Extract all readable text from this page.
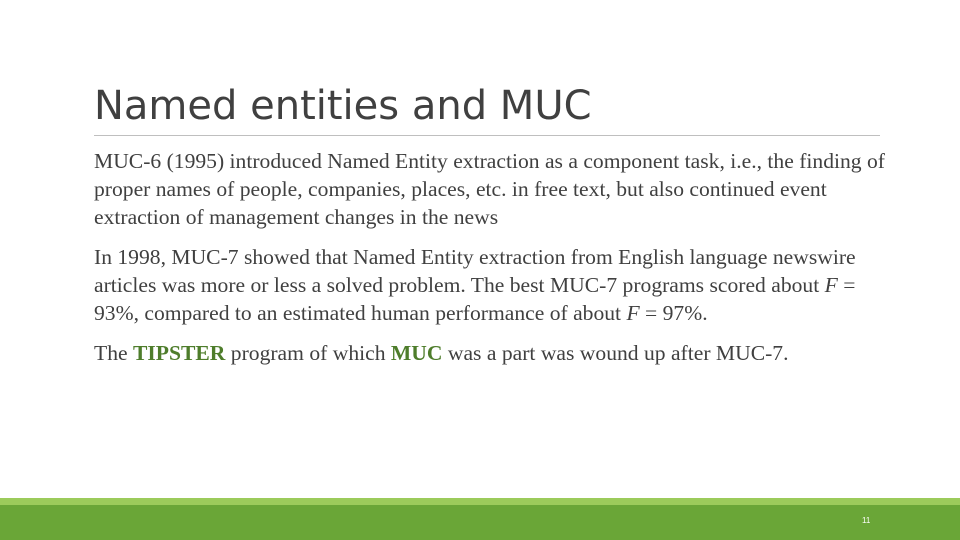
Named entities and MUC

MUC-6 (1995) introduced Named Entity extraction as a component task, i.e., the finding of proper names of people, companies, places, etc. in free text, but also continued event extraction of management changes in the news

In 1998, MUC-7 showed that Named Entity extraction from English language newswire articles was more or less a solved problem. The best MUC-7 programs scored about F = 93%, compared to an estimated human performance of about F = 97%.

The TIPSTER program of which MUC was a part was wound up after MUC-7.

11
